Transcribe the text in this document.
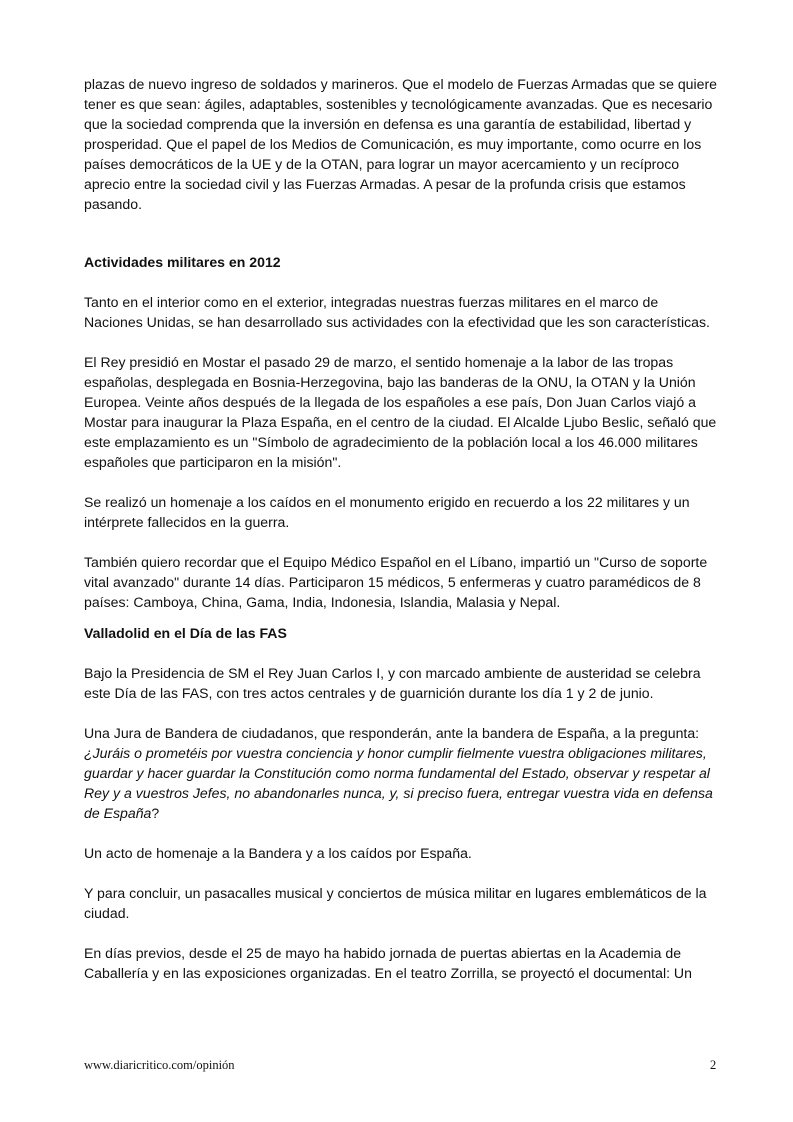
plazas de nuevo ingreso de soldados y marineros. Que el modelo de Fuerzas Armadas que se quiere tener es que sean: ágiles, adaptables, sostenibles y tecnológicamente avanzadas. Que es necesario que la sociedad comprenda que la inversión en defensa es una garantía de estabilidad, libertad y prosperidad. Que el papel de los Medios de Comunicación, es muy importante, como ocurre en los países democráticos de la UE y de la OTAN, para lograr un mayor acercamiento y un recíproco aprecio entre la sociedad civil y las Fuerzas Armadas. A pesar de la profunda crisis que estamos pasando.

Actividades militares en 2012

Tanto en el interior como en el exterior, integradas nuestras fuerzas militares en el marco de Naciones Unidas, se han desarrollado sus actividades con la efectividad que les son características.

El Rey presidió en Mostar el pasado 29 de marzo, el sentido homenaje a la labor de las tropas españolas, desplegada en Bosnia-Herzegovina, bajo las banderas de la ONU, la OTAN y la Unión Europea. Veinte años después de la llegada de los españoles a ese país, Don Juan Carlos viajó a Mostar para inaugurar la Plaza España, en el centro de la ciudad. El Alcalde Ljubo Beslic, señaló que este emplazamiento es un "Símbolo de agradecimiento de la población local a los 46.000 militares españoles que participaron en la misión".

Se realizó un homenaje a los caídos en el monumento erigido en recuerdo a los 22 militares y un intérprete fallecidos en la guerra.

También quiero recordar que el Equipo Médico Español en el Líbano, impartió un "Curso de soporte vital avanzado" durante 14 días. Participaron 15 médicos, 5 enfermeras y cuatro paramédicos de 8 países: Camboya, China, Gama, India, Indonesia, Islandia, Malasia y Nepal.

Valladolid en el Día de las FAS

Bajo la Presidencia de SM el Rey Juan Carlos I, y con marcado ambiente de austeridad se celebra este Día de las FAS, con tres actos centrales y de guarnición durante los día 1 y 2 de junio.

Una Jura de Bandera de ciudadanos, que responderán, ante la bandera de España, a la pregunta: ¿Juráis o prometéis por vuestra conciencia y honor cumplir fielmente vuestra obligaciones militares, guardar y hacer guardar la Constitución como norma fundamental del Estado, observar y respetar al Rey y a vuestros Jefes, no abandonarles nunca, y, si preciso fuera, entregar vuestra vida en defensa de España?

Un acto de homenaje a la Bandera y a los caídos por España.

Y para concluir, un pasacalles musical y conciertos de música militar en lugares emblemáticos de la ciudad.

En días previos, desde el 25 de mayo ha habido jornada de puertas abiertas en la Academia de Caballería y en las exposiciones organizadas. En el teatro Zorrilla, se proyectó el documental: Un

www.diaricritico.com/opinión	2
